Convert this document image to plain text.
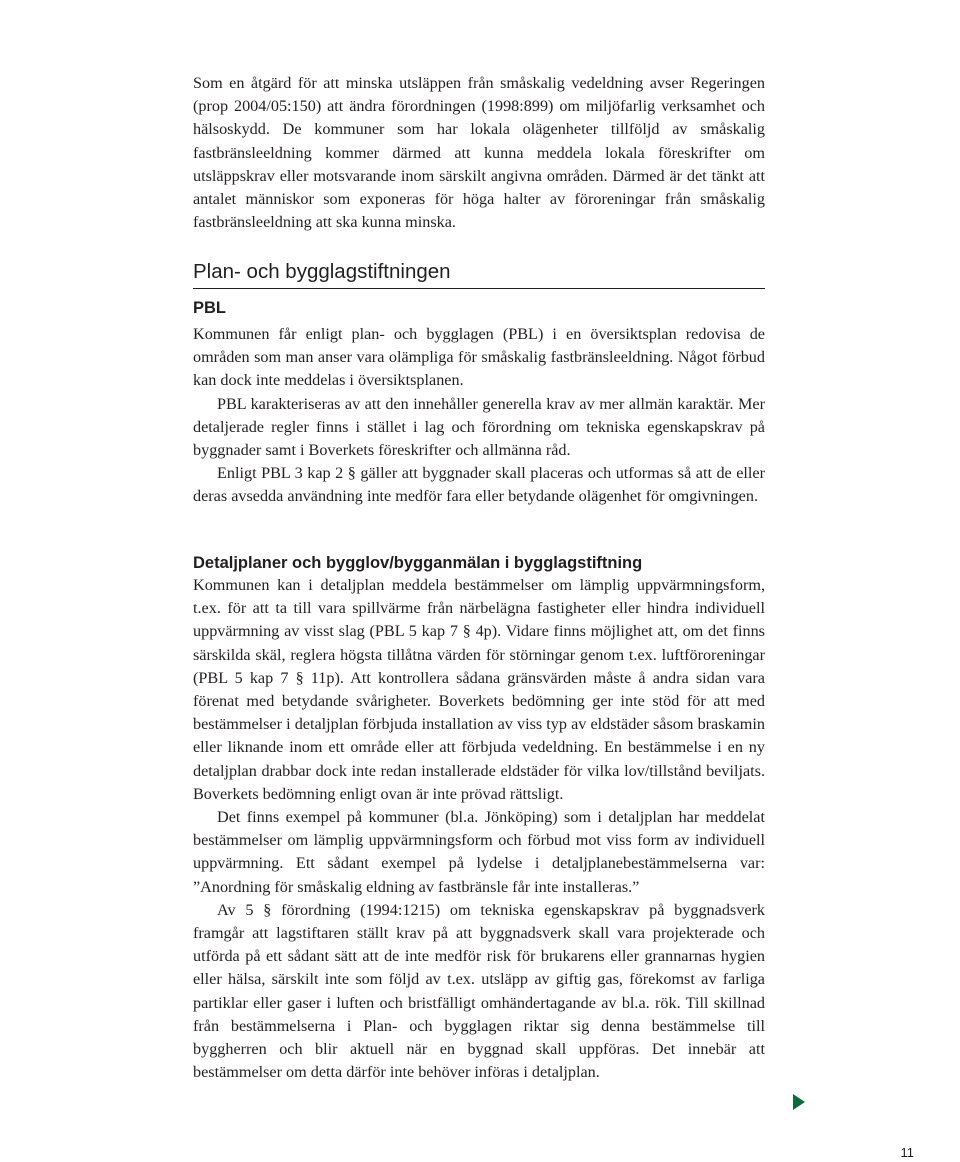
Som en åtgärd för att minska utsläppen från småskalig vedeldning avser Regeringen (prop 2004/05:150) att ändra förordningen (1998:899) om miljöfarlig verksamhet och hälsoskydd. De kommuner som har lokala olägenheter tillföljd av småskalig fastbränsleeldning kommer därmed att kunna meddela lokala föreskrifter om utsläppskrav eller motsvarande inom särskilt angivna områden. Därmed är det tänkt att antalet människor som exponeras för höga halter av föroreningar från småskalig fastbränsleeldning att ska kunna minska.

Plan- och bygglagstiftningen
PBL

Kommunen får enligt plan- och bygglagen (PBL) i en översiktsplan redovisa de områden som man anser vara olämpliga för småskalig fastbränsleeldning. Något förbud kan dock inte meddelas i översiktsplanen.

PBL karakteriseras av att den innehåller generella krav av mer allmän karaktär. Mer detaljerade regler finns i stället i lag och förordning om tekniska egenskapskrav på byggnader samt i Boverkets föreskrifter och allmänna råd.

Enligt PBL 3 kap 2 § gäller att byggnader skall placeras och utformas så att de eller deras avsedda användning inte medför fara eller betydande olägenhet för omgivningen.

Detaljplaner och bygglov/bygganmälan i bygglagstiftning

Kommunen kan i detaljplan meddela bestämmelser om lämplig uppvärmningsform, t.ex. för att ta till vara spillvärme från närbelägna fastigheter eller hindra individuell uppvärmning av visst slag (PBL 5 kap 7 § 4p). Vidare finns möjlighet att, om det finns särskilda skäl, reglera högsta tillåtna värden för störningar genom t.ex. luftföroreningar (PBL 5 kap 7 § 11p). Att kontrollera sådana gränsvärden måste å andra sidan vara förenat med betydande svårigheter. Boverkets bedömning ger inte stöd för att med bestämmelser i detaljplan förbjuda installation av viss typ av eldstäder såsom braskamin eller liknande inom ett område eller att förbjuda vedeldning. En bestämmelse i en ny detaljplan drabbar dock inte redan installerade eldstäder för vilka lov/tillstånd beviljats. Boverkets bedömning enligt ovan är inte prövad rättsligt.

Det finns exempel på kommuner (bl.a. Jönköping) som i detaljplan har meddelat bestämmelser om lämplig uppvärmningsform och förbud mot viss form av individuell uppvärmning. Ett sådant exempel på lydelse i detaljplanebestämmelserna var: ”Anordning för småskalig eldning av fastbränsle får inte installeras.”

Av 5 § förordning (1994:1215) om tekniska egenskapskrav på byggnadsverk framgår att lagstiftaren ställt krav på att byggnadsverk skall vara projekterade och utförda på ett sådant sätt att de inte medför risk för brukarens eller grannarnas hygien eller hälsa, särskilt inte som följd av t.ex. utsläpp av giftig gas, förekomst av farliga partiklar eller gaser i luften och bristfälligt omhändertagande av bl.a. rök. Till skillnad från bestämmelserna i Plan- och bygglagen riktar sig denna bestämmelse till byggherren och blir aktuell när en byggnad skall uppföras. Det innebär att bestämmelser om detta därför inte behöver införas i detaljplan.

11
